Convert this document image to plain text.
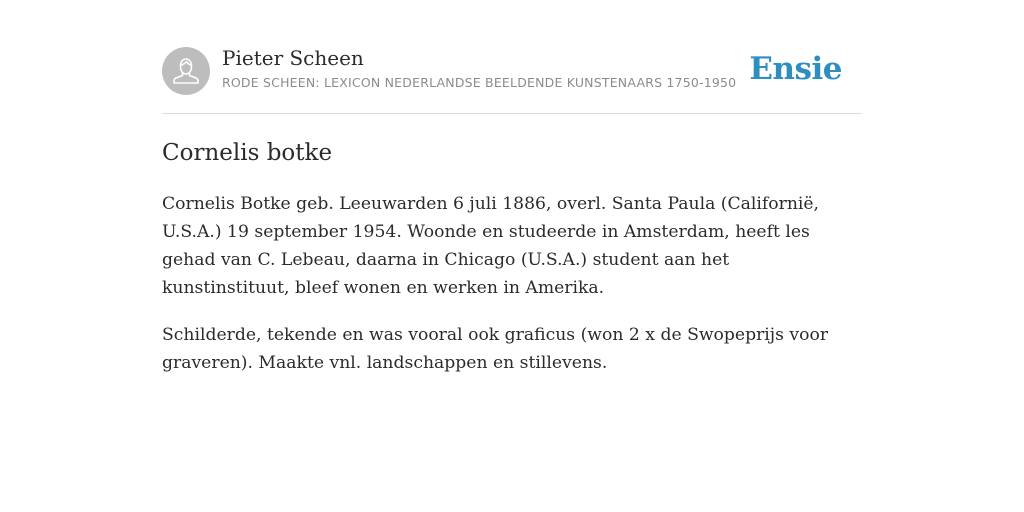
Pieter Scheen
RODE SCHEEN: LEXICON NEDERLANDSE BEELDENDE KUNSTENAARS 1750-1950 Ensie
Cornelis botke

Cornelis Botke geb. Leeuwarden 6 juli 1886, overl. Santa Paula (Californië, U.S.A.) 19 september 1954. Woonde en studeerde in Amsterdam, heeft les gehad van C. Lebeau, daarna in Chicago (U.S.A.) student aan het kunstinstituut, bleef wonen en werken in Amerika.

Schilderde, tekende en was vooral ook graficus (won 2 x de Swopeprijs voor graveren). Maakte vnl. landschappen en stillevens.
